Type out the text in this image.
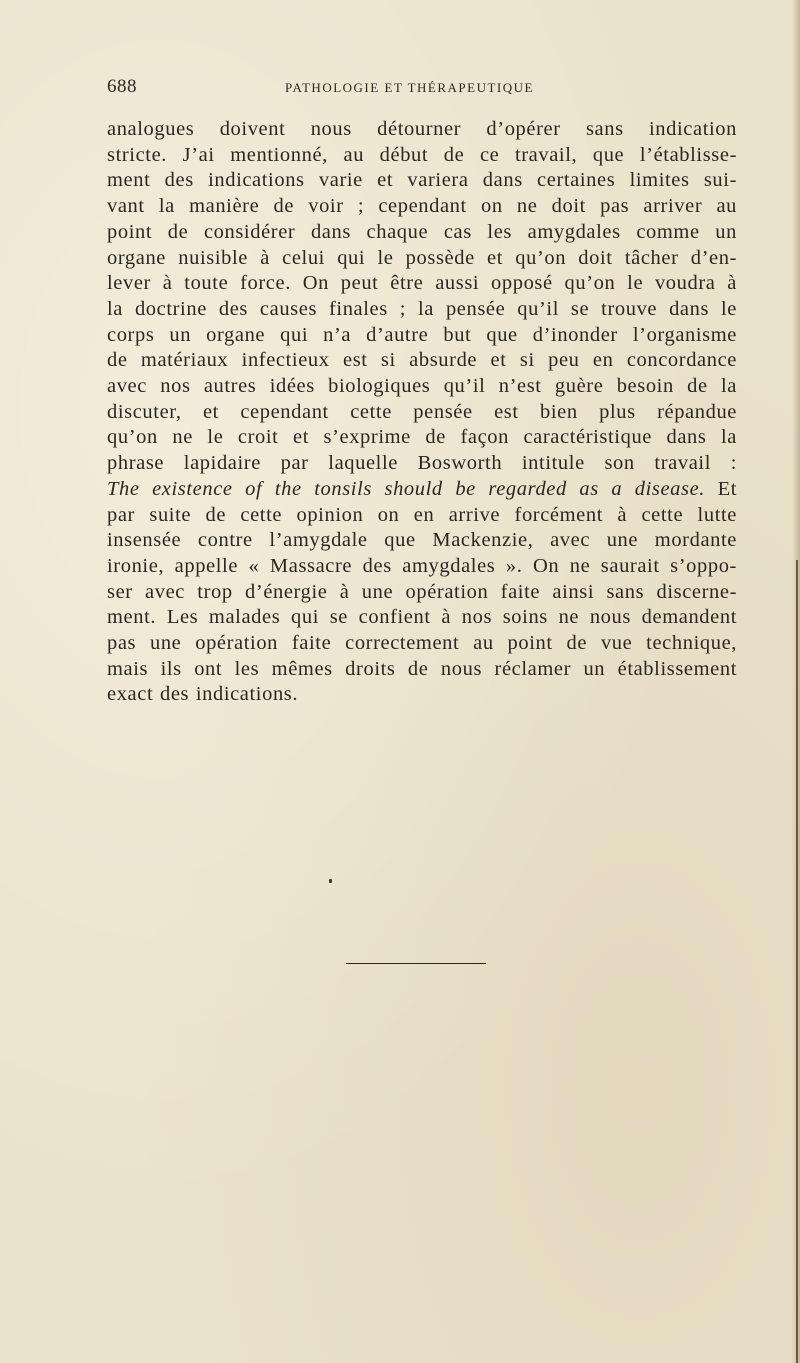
688	PATHOLOGIE ET THÉRAPEUTIQUE
analogues doivent nous détourner d’opérer sans indication
stricte. J’ai mentionné, au début de ce travail, que l’établisse-
ment des indications varie et variera dans certaines limites sui-
vant la manière de voir ; cependant on ne doit pas arriver au
point de considérer dans chaque cas les amygdales comme un
organe nuisible à celui qui le possède et qu’on doit tâcher d’en-
lever à toute force. On peut être aussi opposé qu’on le voudra à
la doctrine des causes finales ; la pensée qu’il se trouve dans le
corps un organe qui n’a d’autre but que d’inonder l’organisme
de matériaux infectieux est si absurde et si peu en concordance
avec nos autres idées biologiques qu’il n’est guère besoin de la
discuter, et cependant cette pensée est bien plus répandue
qu’on ne le croit et s’exprime de façon caractéristique dans la
phrase lapidaire par laquelle Bosworth intitule son travail :
The existence of the tonsils should be regarded as a disease. Et
par suite de cette opinion on en arrive forcément à cette lutte
insensée contre l’amygdale que Mackenzie, avec une mordante
ironie, appelle « Massacre des amygdales ». On ne saurait s’oppo-
ser avec trop d’énergie à une opération faite ainsi sans discerne-
ment. Les malades qui se confient à nos soins ne nous demandent
pas une opération faite correctement au point de vue technique,
mais ils ont les mêmes droits de nous réclamer un établissement
exact des indications.
